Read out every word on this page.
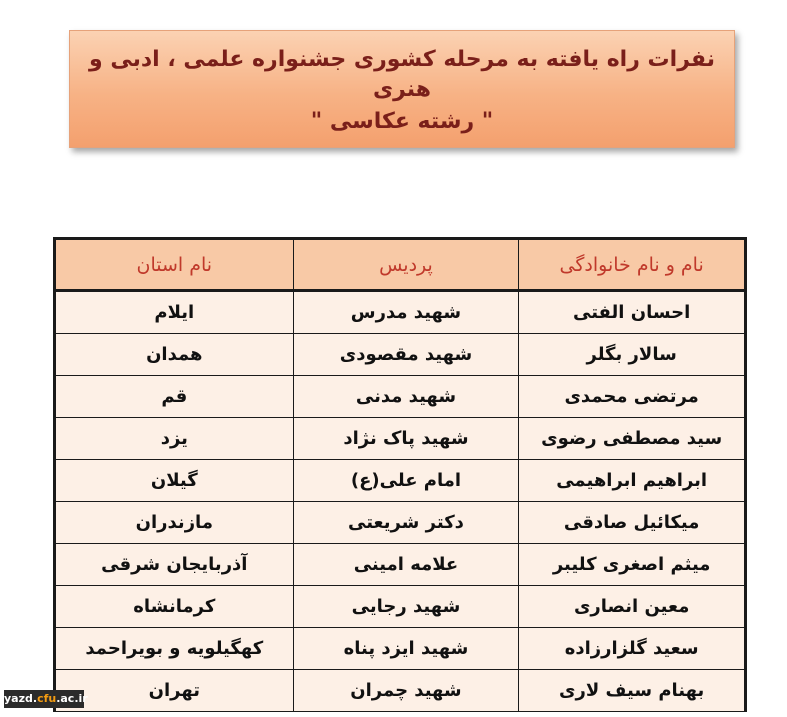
نفرات راه یافته به مرحله کشوری جشنواره علمی ، ادبی و هنری
" رشته عکاسی "
نام و نام خانوادگی	پردیس	نام استان
احسان الفتی	شهید مدرس	ایلام
سالار بگلر	شهید مقصودی	همدان
مرتضی محمدی	شهید مدنی	قم
سید مصطفی رضوی	شهید پاک نژاد	یزد
ابراهیم ابراهیمی	امام علی(ع)	گیلان
میکائیل صادقی	دکتر شریعتی	مازندران
میثم اصغری کلیبر	علامه امینی	آذربایجان شرقی
معین انصاری	شهید رجایی	کرمانشاه
سعید گلزارزاده	شهید ایزد پناه	کهگیلویه و بویراحمد
بهنام سیف لاری	شهید چمران	تهران
yazd.cfu.ac.ir
